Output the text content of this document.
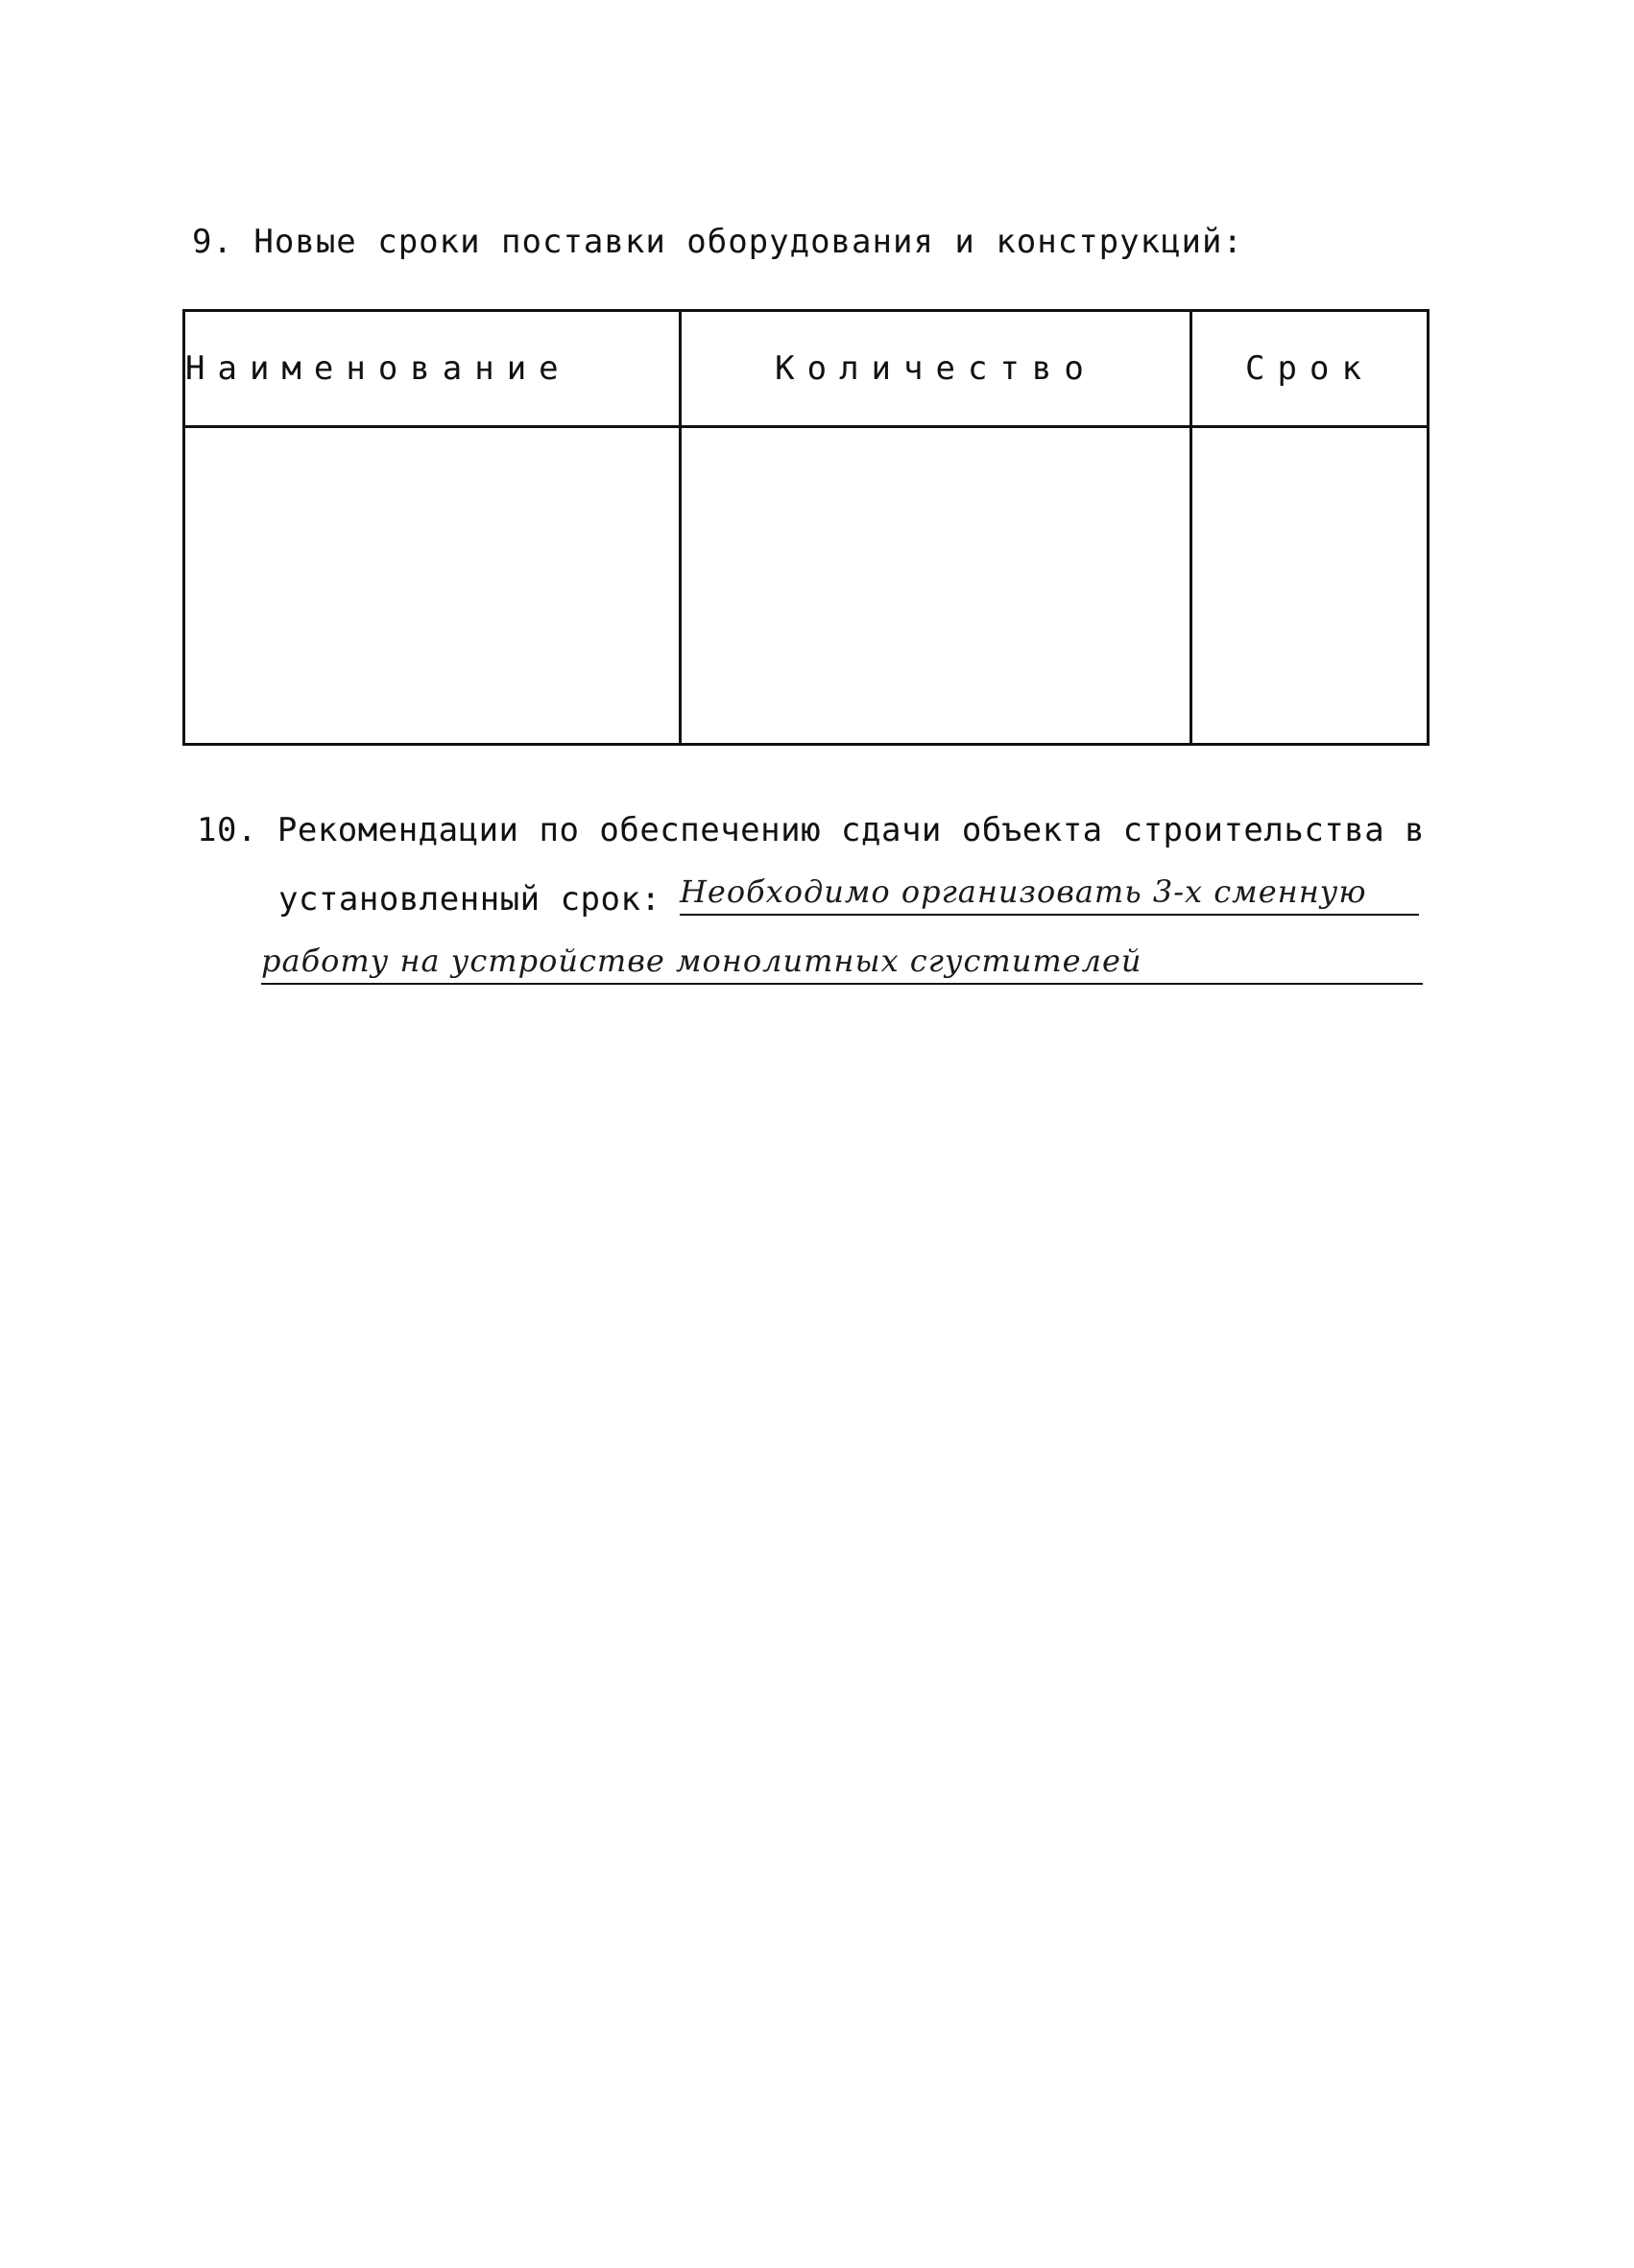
9. Новые сроки поставки оборудования и конструкций:
Наименование	Количество	Срок

10. Рекомендации по обеспечению сдачи объекта строительства в
установленный срок: Необходимо организовать 3-х сменную
работу на устройстве монолитных сгустителей
